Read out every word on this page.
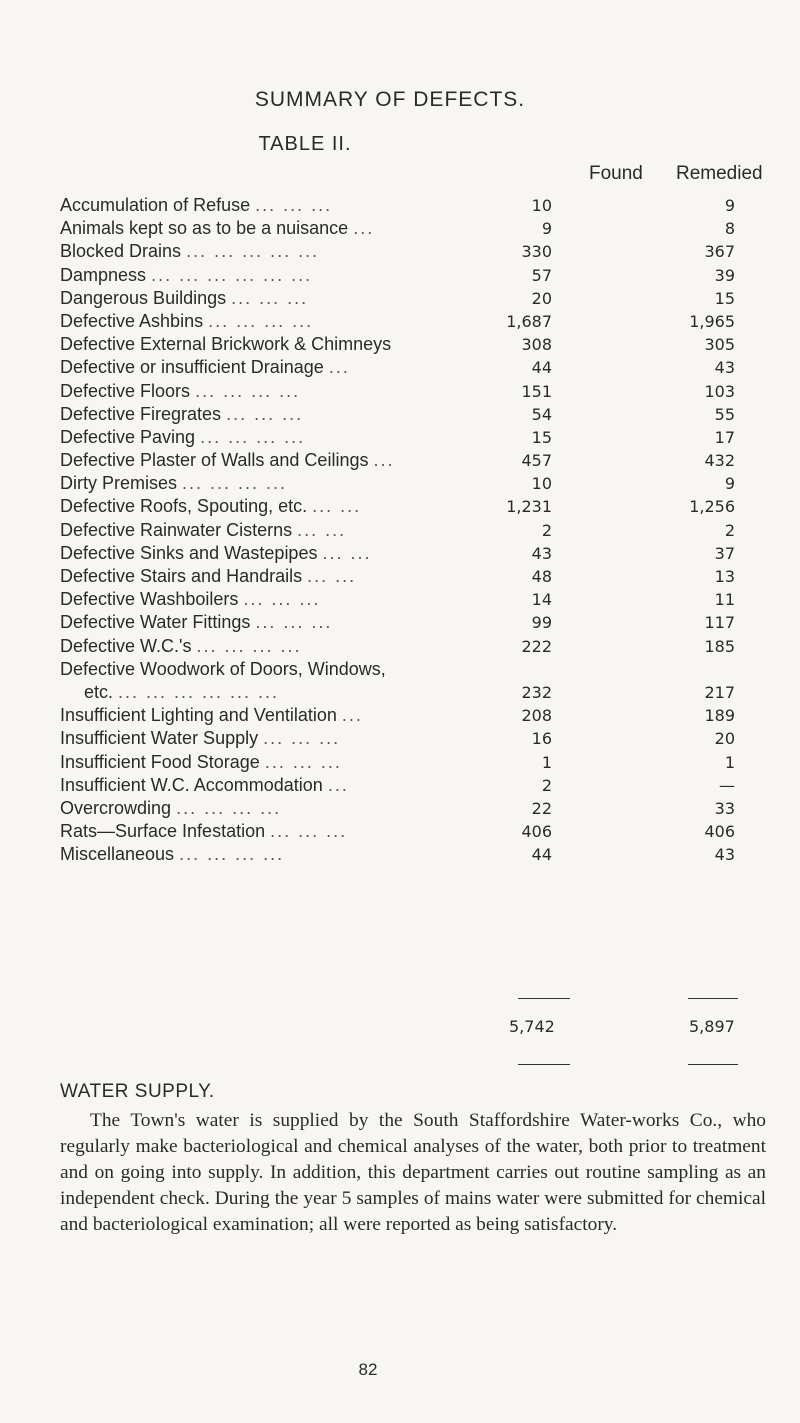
SUMMARY OF DEFECTS.
TABLE II.
Found Remedied
Accumulation of Refuse ... ... ...	10	9
Animals kept so as to be a nuisance ...	9	8
Blocked Drains ... ... ... ... ...	330	367
Dampness ... ... ... ... ... ...	57	39
Dangerous Buildings ... ... ...	20	15
Defective Ashbins ... ... ... ...	1,687	1,965
Defective External Brickwork & Chimneys	308	305
Defective or insufficient Drainage ...	44	43
Defective Floors ... ... ... ...	151	103
Defective Firegrates ... ... ...	54	55
Defective Paving ... ... ... ...	15	17
Defective Plaster of Walls and Ceilings ...	457	432
Dirty Premises ... ... ... ...	10	9
Defective Roofs, Spouting, etc. ... ...	1,231	1,256
Defective Rainwater Cisterns ... ...	2	2
Defective Sinks and Wastepipes ... ...	43	37
Defective Stairs and Handrails ... ...	48	13
Defective Washboilers ... ... ...	14	11
Defective Water Fittings ... ... ...	99	117
Defective W.C.'s ... ... ... ...	222	185
Defective Woodwork of Doors, Windows,
etc. ... ... ... ... ... ...	232	217
Insufficient Lighting and Ventilation ...	208	189
Insufficient Water Supply ... ... ...	16	20
Insufficient Food Storage ... ... ...	1	1
Insufficient W.C. Accommodation ...	2	—
Overcrowding ... ... ... ...	22	33
Rats—Surface Infestation ... ... ...	406	406
Miscellaneous ... ... ... ...	44	43
5,742	5,897
WATER SUPPLY.
The Town's water is supplied by the South Staffordshire Water-works Co., who regularly make bacteriological and chemical analyses of the water, both prior to treatment and on going into supply. In addition, this department carries out routine sampling as an independent check. During the year 5 samples of mains water were submitted for chemical and bacteriological examination; all were reported as being satisfactory.
82
